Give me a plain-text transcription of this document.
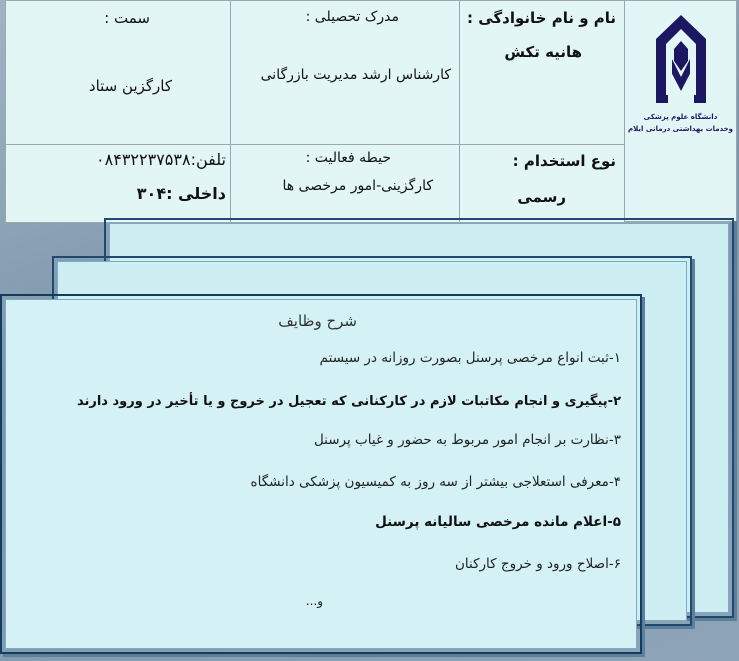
دانشگاه علوم پزشکی
وخدمات بهداشتی درمانی ایلام
نام و نام خانوادگی :
هانیه تکش
مدرک تحصیلی :
کارشناس ارشد مدیریت بازرگانی
سمت :
کارگزین ستاد
نوع استخدام :
رسمی
حیطه فعالیت :
کارگزینی-امور مرخصی ها
تلفن:۰۸۴۳۲۲۳۷۵۳۸
داخلی :۳۰۴
شرح وظایف
۱-ثبت انواع مرخصی پرسنل بصورت روزانه در سیستم
۲-پیگیری و انجام مکاتبات لازم در کارکنانی که تعجیل در خروج و یا تأخیر در ورود دارند
۳-نظارت بر انجام امور مربوط به حضور و غیاب پرسنل
۴-معرفی استعلاجی بیشتر از سه روز به کمیسیون پزشکی دانشگاه
۵-اعلام مانده مرخصی سالیانه پرسنل
۶-اصلاح ورود و خروج کارکنان
و...
